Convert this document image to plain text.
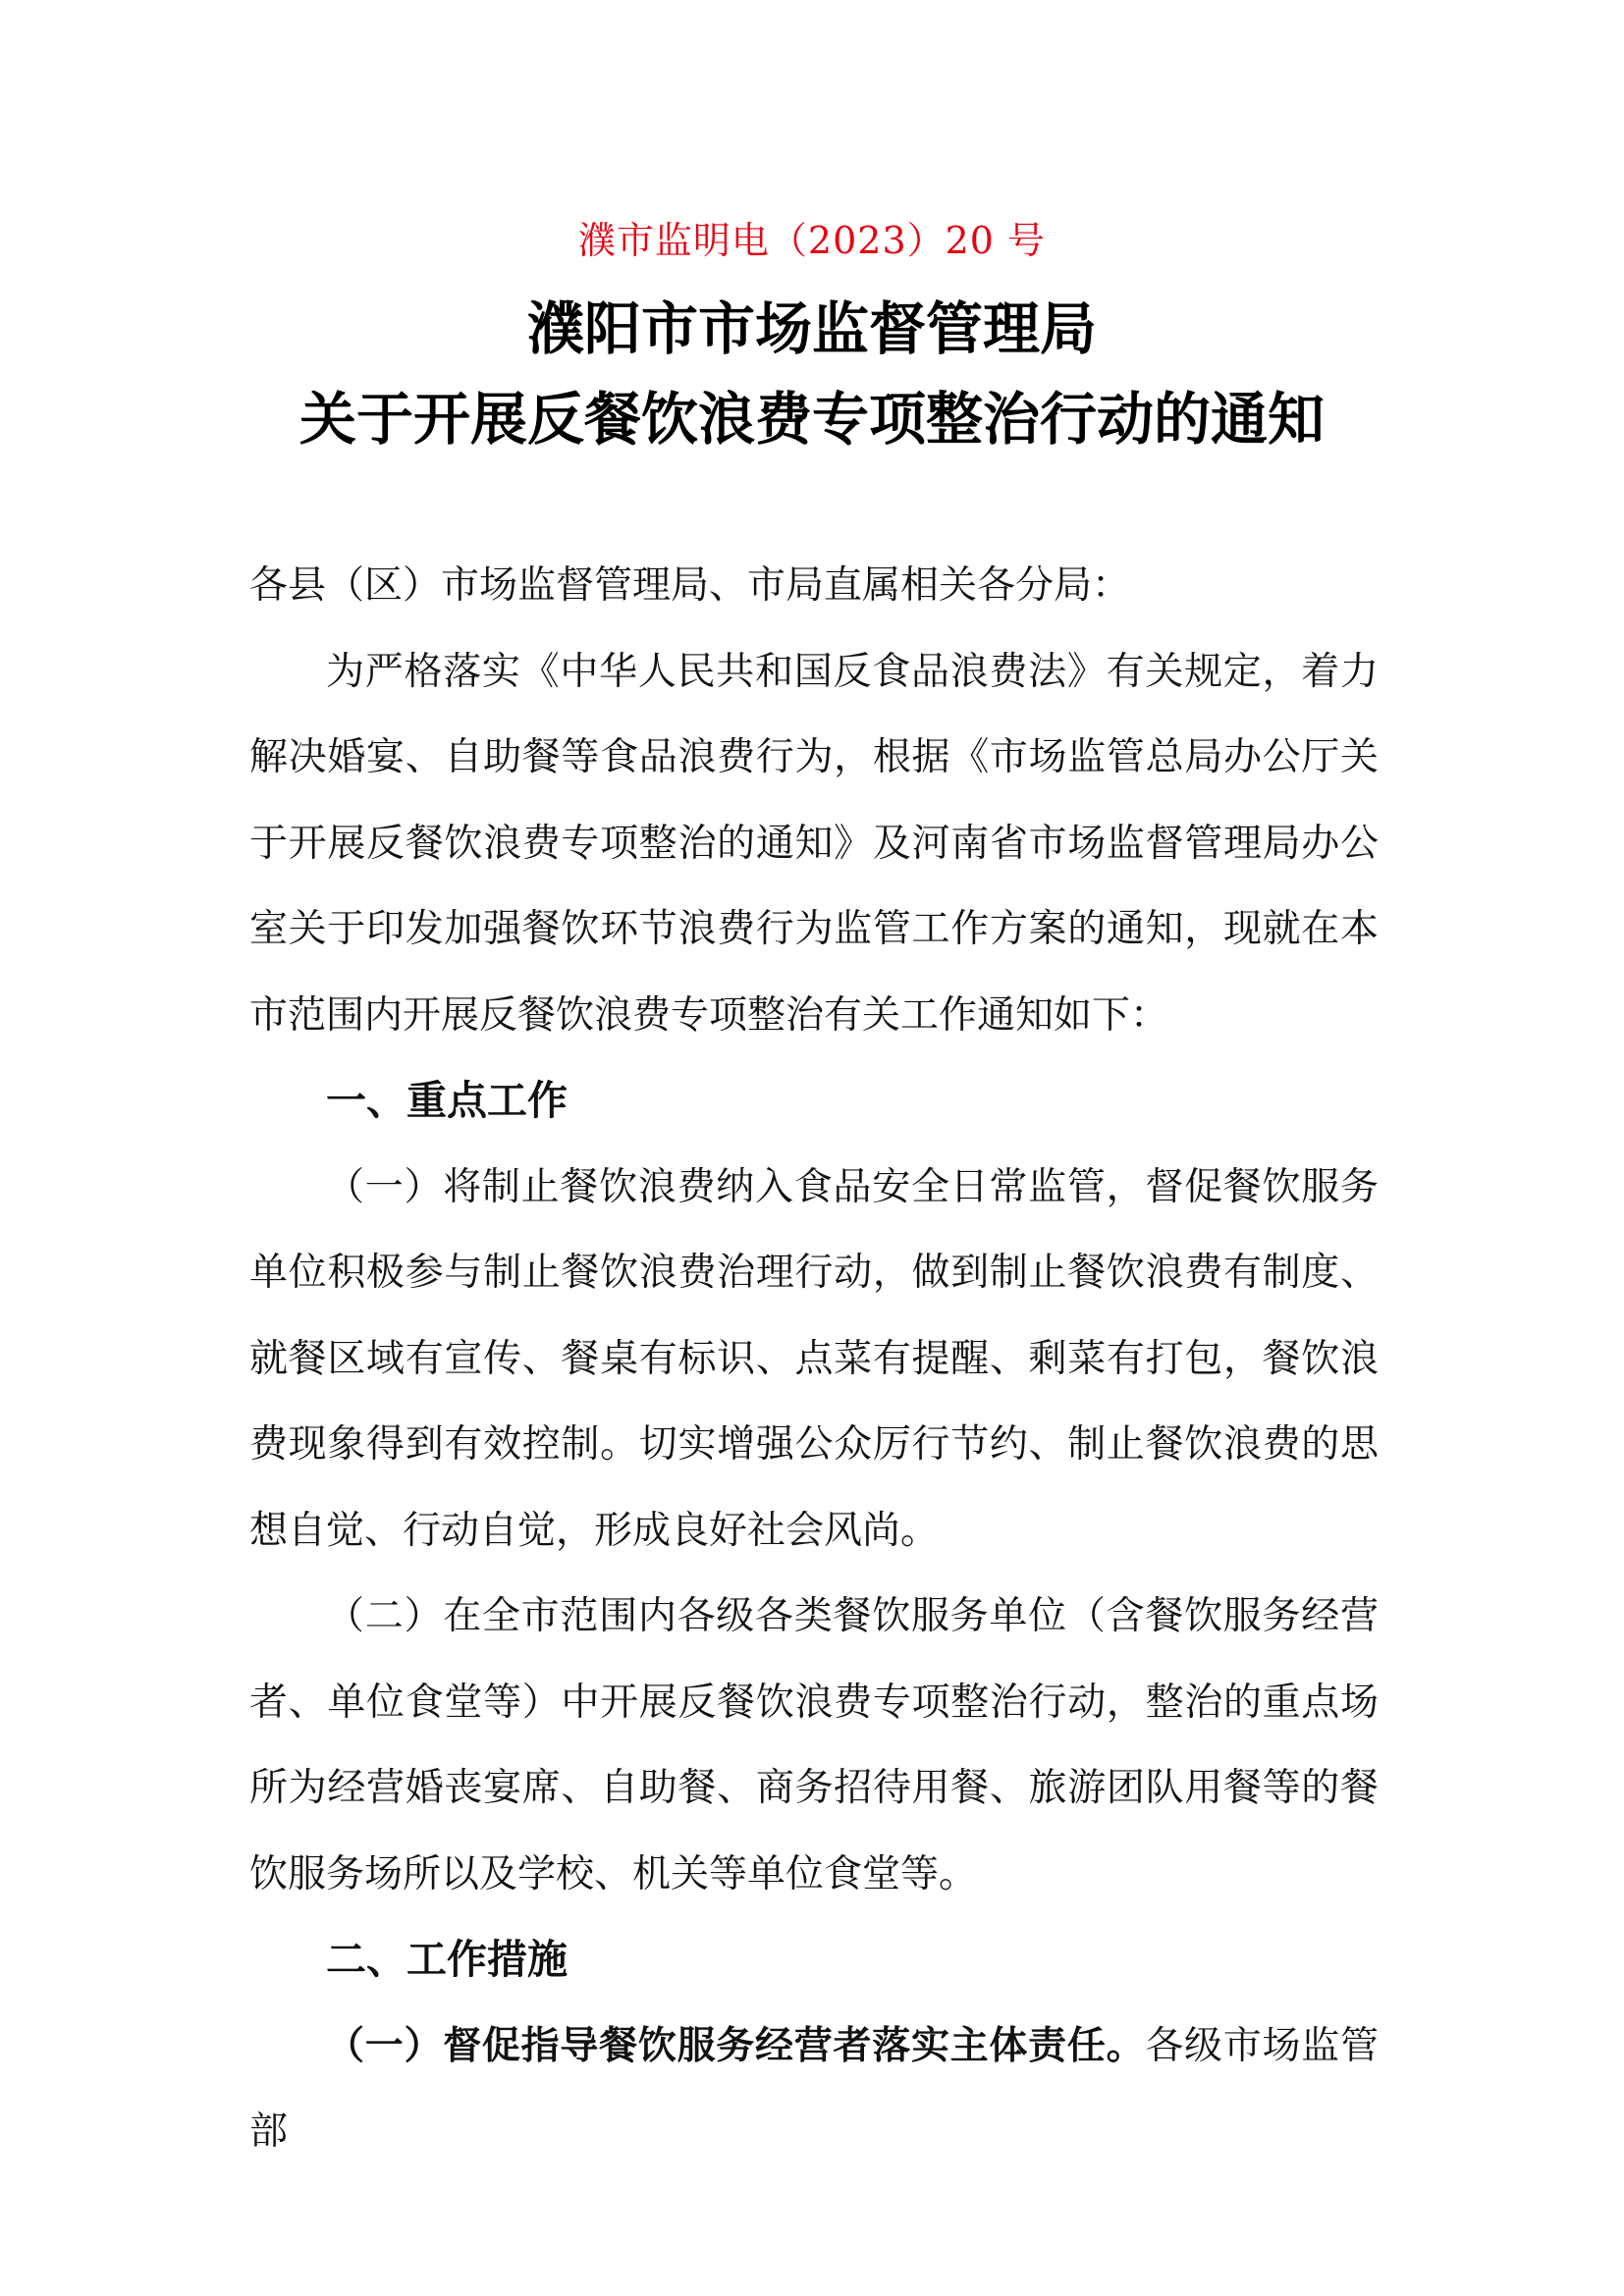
濮市监明电（2023）20 号
濮阳市市场监督管理局
关于开展反餐饮浪费专项整治行动的通知

各县（区）市场监督管理局、市局直属相关各分局：

为严格落实《中华人民共和国反食品浪费法》有关规定，着力解决婚宴、自助餐等食品浪费行为，根据《市场监管总局办公厅关于开展反餐饮浪费专项整治的通知》及河南省市场监督管理局办公室关于印发加强餐饮环节浪费行为监管工作方案的通知，现就在本市范围内开展反餐饮浪费专项整治有关工作通知如下：

一、重点工作

（一）将制止餐饮浪费纳入食品安全日常监管，督促餐饮服务单位积极参与制止餐饮浪费治理行动，做到制止餐饮浪费有制度、就餐区域有宣传、餐桌有标识、点菜有提醒、剩菜有打包，餐饮浪费现象得到有效控制。切实增强公众厉行节约、制止餐饮浪费的思想自觉、行动自觉，形成良好社会风尚。

（二）在全市范围内各级各类餐饮服务单位（含餐饮服务经营者、单位食堂等）中开展反餐饮浪费专项整治行动，整治的重点场所为经营婚丧宴席、自助餐、商务招待用餐、旅游团队用餐等的餐饮服务场所以及学校、机关等单位食堂等。

二、工作措施

（一）督促指导餐饮服务经营者落实主体责任。各级市场监管部
